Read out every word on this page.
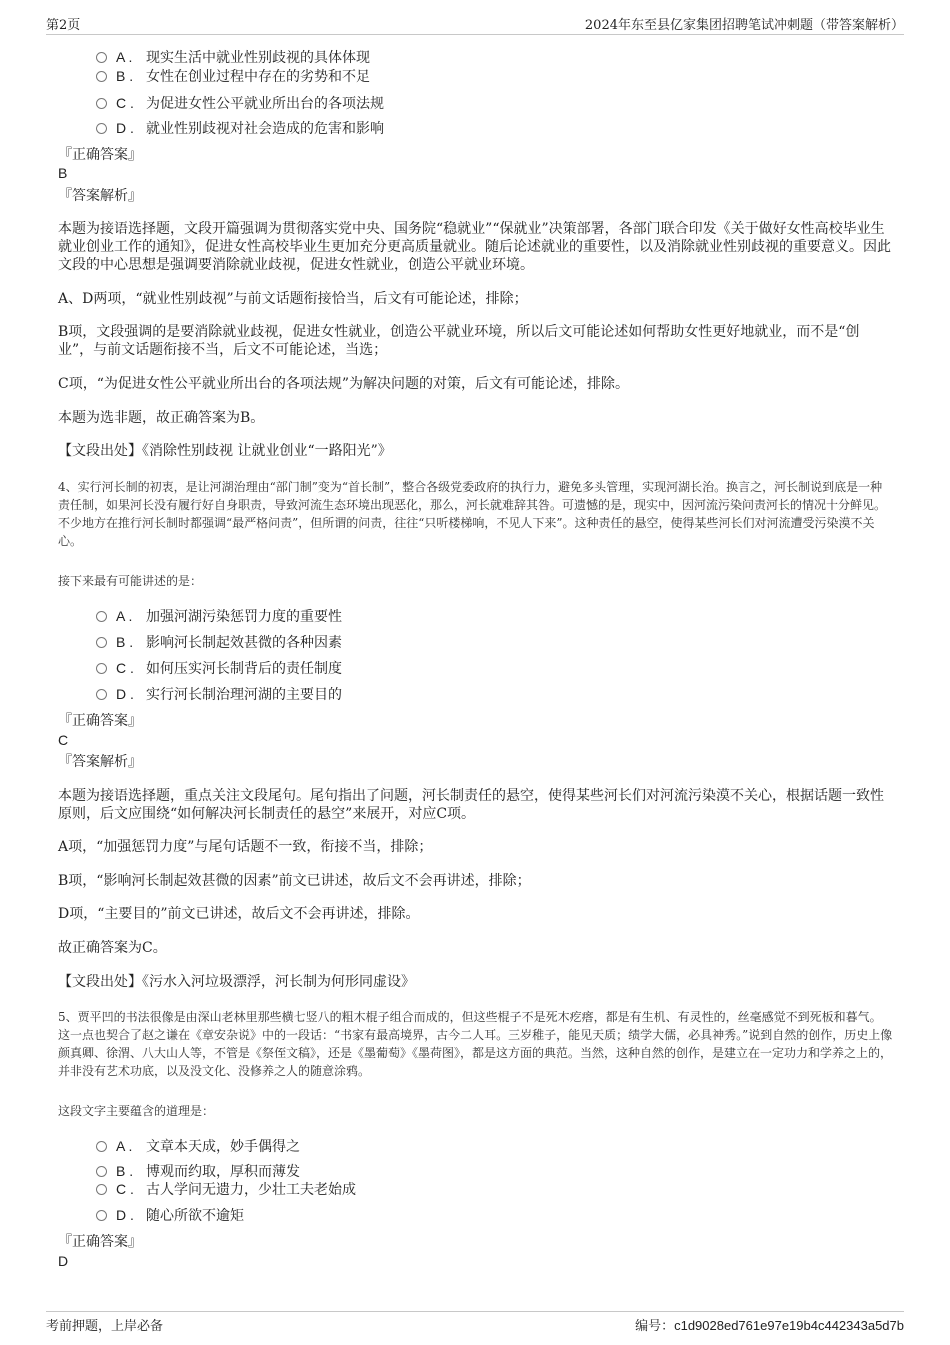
第2页	2024年东至县亿家集团招聘笔试冲刺题（带答案解析）
A . 现实生活中就业性别歧视的具体体现
B . 女性在创业过程中存在的劣势和不足
C . 为促进女性公平就业所出台的各项法规
D . 就业性别歧视对社会造成的危害和影响
『正确答案』
B
『答案解析』
本题为接语选择题，文段开篇强调为贯彻落实党中央、国务院“稳就业”“保就业”决策部署，各部门联合印发《关于做好女性高校毕业生就业创业工作的通知》，促进女性高校毕业生更加充分更高质量就业。随后论述就业的重要性，以及消除就业性别歧视的重要意义。因此文段的中心思想是强调要消除就业歧视，促进女性就业，创造公平就业环境。
A、D两项，“就业性别歧视”与前文话题衔接恰当，后文有可能论述，排除；
B项，文段强调的是要消除就业歧视，促进女性就业，创造公平就业环境，所以后文可能论述如何帮助女性更好地就业，而不是“创业”，与前文话题衔接不当，后文不可能论述，当选；
C项，“为促进女性公平就业所出台的各项法规”为解决问题的对策，后文有可能论述，排除。
本题为选非题，故正确答案为B。
【文段出处】《消除性别歧视 让就业创业“一路阳光”》
4、实行河长制的初衷，是让河湖治理由“部门制”变为“首长制”，整合各级党委政府的执行力，避免多头管理，实现河湖长治。换言之，河长制说到底是一种责任制，如果河长没有履行好自身职责，导致河流生态环境出现恶化，那么，河长就难辞其咎。可遗憾的是，现实中，因河流污染问责河长的情况十分鲜见。不少地方在推行河长制时都强调“最严格问责”，但所谓的问责，往往“只听楼梯响，不见人下来”。这种责任的悬空，使得某些河长们对河流遭受污染漠不关心。
接下来最有可能讲述的是：
A . 加强河湖污染惩罚力度的重要性
B . 影响河长制起效甚微的各种因素
C . 如何压实河长制背后的责任制度
D . 实行河长制治理河湖的主要目的
『正确答案』
C
『答案解析』
本题为接语选择题，重点关注文段尾句。尾句指出了问题，河长制责任的悬空，使得某些河长们对河流污染漠不关心，根据话题一致性原则，后文应围绕“如何解决河长制责任的悬空”来展开，对应C项。
A项，“加强惩罚力度”与尾句话题不一致，衔接不当，排除；
B项，“影响河长制起效甚微的因素”前文已讲述，故后文不会再讲述，排除；
D项，“主要目的”前文已讲述，故后文不会再讲述，排除。
故正确答案为C。
【文段出处】《污水入河垃圾漂浮，河长制为何形同虚设》
5、贾平凹的书法很像是由深山老林里那些横七竖八的粗木棍子组合而成的，但这些棍子不是死木疙瘩，都是有生机、有灵性的，丝毫感觉不到死板和暮气。这一点也契合了赵之谦在《章安杂说》中的一段话：“书家有最高境界，古今二人耳。三岁稚子，能见天质；绩学大儒，必具神秀。”说到自然的创作，历史上像颜真卿、徐渭、八大山人等，不管是《祭侄文稿》，还是《墨葡萄》《墨荷图》，都是这方面的典范。当然，这种自然的创作，是建立在一定功力和学养之上的，并非没有艺术功底，以及没文化、没修养之人的随意涂鸦。
这段文字主要蕴含的道理是：
A . 文章本天成，妙手偶得之
B . 博观而约取，厚积而薄发
C . 古人学问无遗力，少壮工夫老始成
D . 随心所欲不逾矩
『正确答案』
D
考前押题，上岸必备	编号：c1d9028ed761e97e19b4c442343a5d7b
